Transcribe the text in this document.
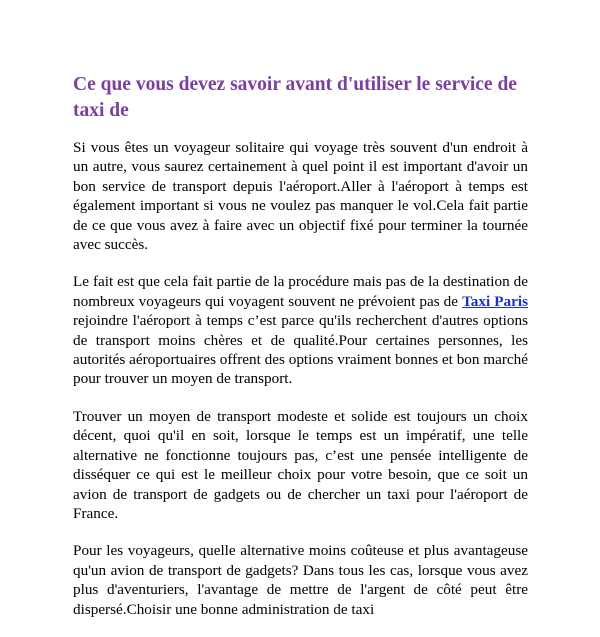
Ce que vous devez savoir avant d'utiliser le service de taxi de

Si vous êtes un voyageur solitaire qui voyage très souvent d'un endroit à un autre, vous saurez certainement à quel point il est important d'avoir un bon service de transport depuis l'aéroport.Aller à l'aéroport à temps est également important si vous ne voulez pas manquer le vol.Cela fait partie de ce que vous avez à faire avec un objectif fixé pour terminer la tournée avec succès.

Le fait est que cela fait partie de la procédure mais pas de la destination de nombreux voyageurs qui voyagent souvent ne prévoient pas de Taxi Paris rejoindre l'aéroport à temps c’est parce qu'ils recherchent d'autres options de transport moins chères et de qualité.Pour certaines personnes, les autorités aéroportuaires offrent des options vraiment bonnes et bon marché pour trouver un moyen de transport.

Trouver un moyen de transport modeste et solide est toujours un choix décent, quoi qu'il en soit, lorsque le temps est un impératif, une telle alternative ne fonctionne toujours pas, c’est une pensée intelligente de disséquer ce qui est le meilleur choix pour votre besoin, que ce soit un avion de transport de gadgets ou de chercher un taxi pour l'aéroport de France.

Pour les voyageurs, quelle alternative moins coûteuse et plus avantageuse qu'un avion de transport de gadgets? Dans tous les cas, lorsque vous avez plus d'aventuriers, l'avantage de mettre de l'argent de côté peut être dispersé.Choisir une bonne administration de taxi
